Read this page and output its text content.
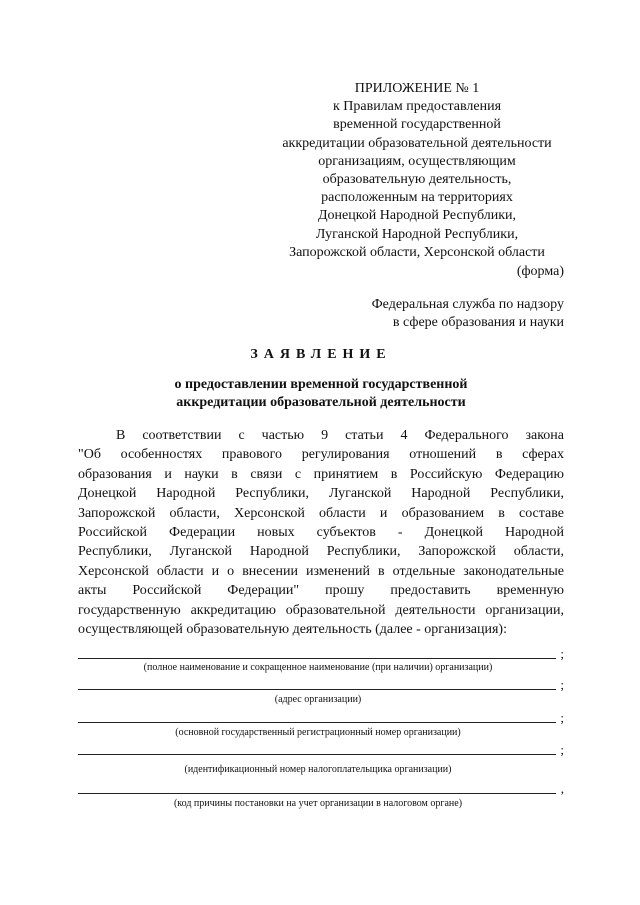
ПРИЛОЖЕНИЕ № 1
к Правилам предоставления
временной государственной
аккредитации образовательной деятельности
организациям, осуществляющим
образовательную деятельность,
расположенным на территориях
Донецкой Народной Республики,
Луганской Народной Республики,
Запорожской области, Херсонской области
(форма)
Федеральная служба по надзору
в сфере образования и науки
ЗАЯВЛЕНИЕ
о предоставлении временной государственной
аккредитации образовательной деятельности
В соответствии с частью 9 статьи 4 Федерального закона
"Об особенностях правового регулирования отношений в сферах
образования и науки в связи с принятием в Российскую Федерацию
Донецкой Народной Республики, Луганской Народной Республики,
Запорожской области, Херсонской области и образованием в составе
Российской Федерации новых субъектов - Донецкой Народной
Республики, Луганской Народной Республики, Запорожской области,
Херсонской области и о внесении изменений в отдельные законодательные
акты Российской Федерации" прошу предоставить временную
государственную аккредитацию образовательной деятельности организации,
осуществляющей образовательную деятельность (далее - организация):
;
(полное наименование и сокращенное наименование (при наличии) организации)
;
(адрес организации)
;
(основной государственный регистрационный номер организации)
;
(идентификационный номер налогоплательщика организации)
,
(код причины постановки на учет организации в налоговом органе)
